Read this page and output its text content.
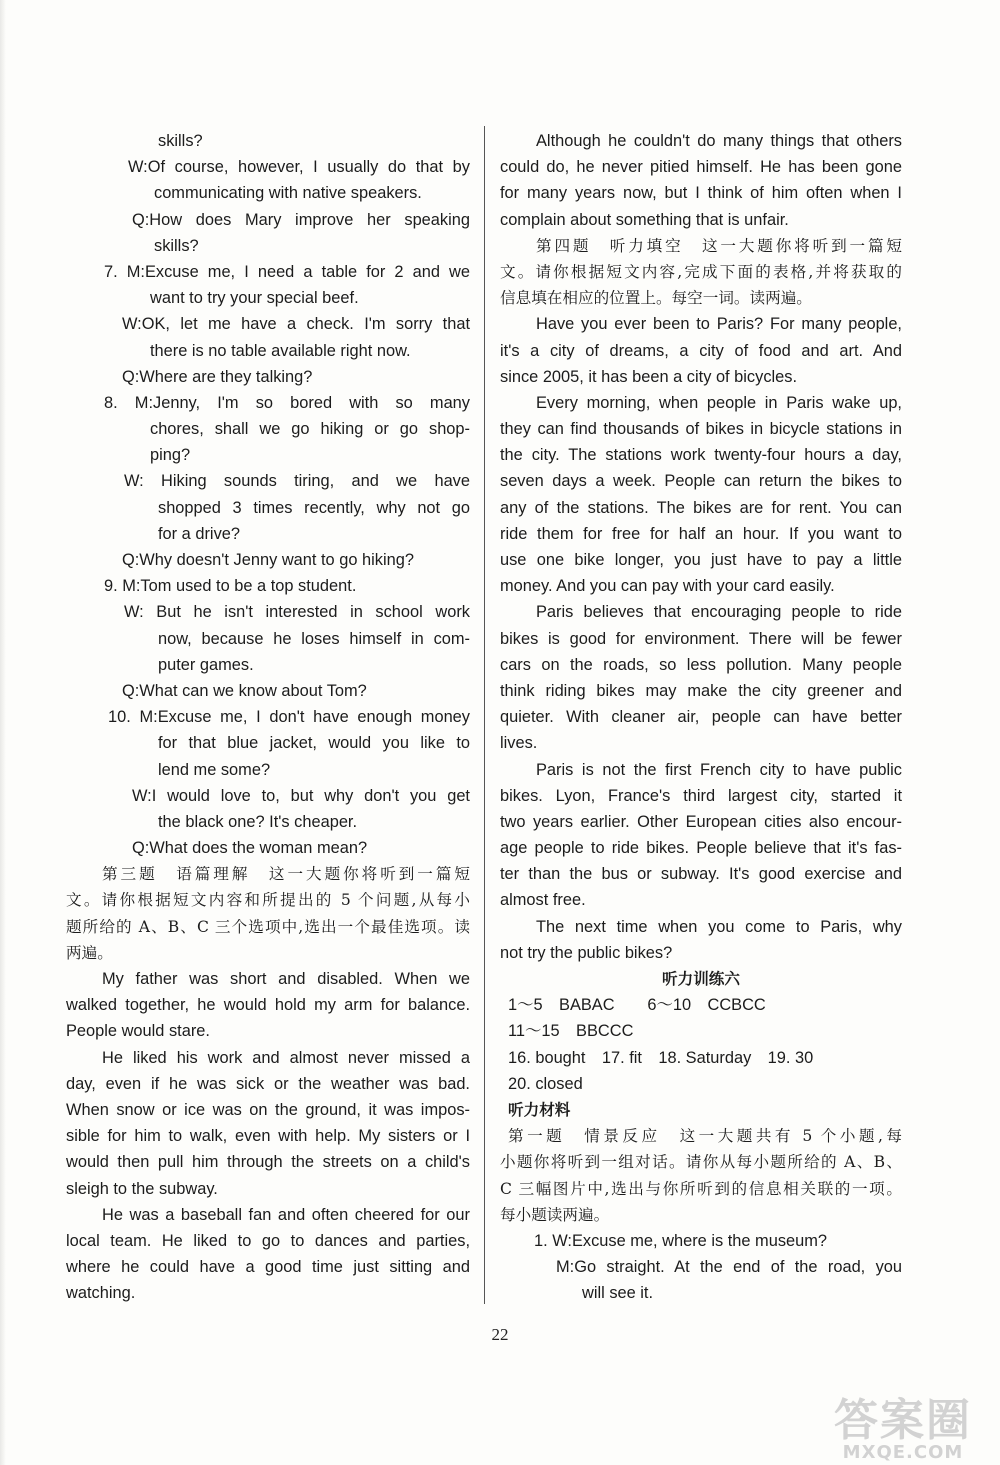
skills?
W:Of course, however, I usually do that by
communicating with native speakers.
Q:How does Mary improve her speaking
skills?
7. M:Excuse me, I need a table for 2 and we
want to try your special beef.
W:OK, let me have a check. I'm sorry that
there is no table available right now.
Q:Where are they talking?
8. M:Jenny, I'm so bored with so many
chores, shall we go hiking or go shop-
ping?
W: Hiking sounds tiring, and we have
shopped 3 times recently, why not go
for a drive?
Q:Why doesn't Jenny want to go hiking?
9. M:Tom used to be a top student.
W: But he isn't interested in school work
now, because he loses himself in com-
puter games.
Q:What can we know about Tom?
10. M:Excuse me, I don't have enough money
for that blue jacket, would you like to
lend me some?
W:I would love to, but why don't you get
the black one? It's cheaper.
Q:What does the woman mean?
第三题　语篇理解　这一大题你将听到一篇短
文。请你根据短文内容和所提出的 5 个问题,从每小
题所给的 A、B、C 三个选项中,选出一个最佳选项。读
两遍。
My father was short and disabled. When we
walked together, he would hold my arm for balance.
People would stare.
He liked his work and almost never missed a
day, even if he was sick or the weather was bad.
When snow or ice was on the ground, it was impos-
sible for him to walk, even with help. My sisters or I
would then pull him through the streets on a child's
sleigh to the subway.
He was a baseball fan and often cheered for our
local team. He liked to go to dances and parties,
where he could have a good time just sitting and
watching.
Although he couldn't do many things that others
could do, he never pitied himself. He has been gone
for many years now, but I think of him often when I
complain about something that is unfair.
第四题　听力填空　这一大题你将听到一篇短
文。请你根据短文内容,完成下面的表格,并将获取的
信息填在相应的位置上。每空一词。读两遍。
Have you ever been to Paris? For many people,
it's a city of dreams, a city of food and art. And
since 2005, it has been a city of bicycles.
Every morning, when people in Paris wake up,
they can find thousands of bikes in bicycle stations in
the city. The stations work twenty-four hours a day,
seven days a week. People can return the bikes to
any of the stations. The bikes are for rent. You can
ride them for free for half an hour. If you want to
use one bike longer, you just have to pay a little
money. And you can pay with your card easily.
Paris believes that encouraging people to ride
bikes is good for environment. There will be fewer
cars on the roads, so less pollution. Many people
think riding bikes may make the city greener and
quieter. With cleaner air, people can have better
lives.
Paris is not the first French city to have public
bikes. Lyon, France's third largest city, started it
two years earlier. Other European cities also encour-
age people to ride bikes. People believe that it's fas-
ter than the bus or subway. It's good exercise and
almost free.
The next time when you come to Paris, why
not try the public bikes?
听力训练六
1～5　BABAC　　6～10　CCBCC
11～15　BBCCC
16. bought　17. fit　18. Saturday　19. 30
20. closed
听力材料
第一题　情景反应　这一大题共有 5 个小题,每
小题你将听到一组对话。请你从每小题所给的 A、B、
C 三幅图片中,选出与你所听到的信息相关联的一项。
每小题读两遍。
1. W:Excuse me, where is the museum?
M:Go straight. At the end of the road, you
will see it.
22
答案圈
MXQE.COM
